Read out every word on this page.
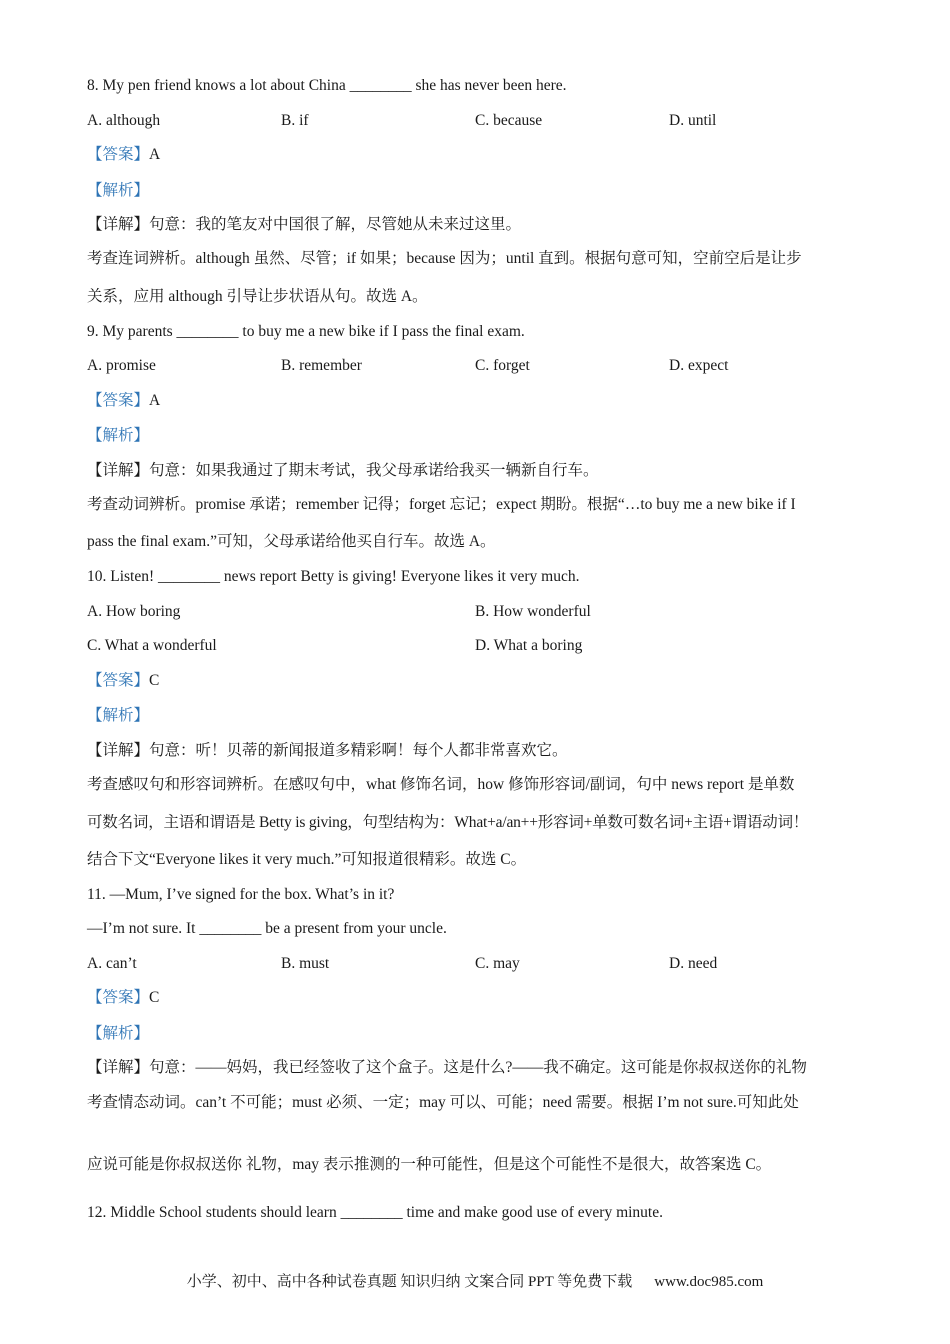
8. My pen friend knows a lot about China ________ she has never been here.
A. although	B. if	C. because	D. until
【答案】A
【解析】
【详解】句意：我的笔友对中国很了解，尽管她从未来过这里。
考查连词辨析。although 虽然、尽管；if 如果；because 因为；until 直到。根据句意可知，空前空后是让步
关系，应用 although 引导让步状语从句。故选 A。
9. My parents ________ to buy me a new bike if I pass the final exam.
A. promise	B. remember	C. forget	D. expect
【答案】A
【解析】
【详解】句意：如果我通过了期末考试，我父母承诺给我买一辆新自行车。
考查动词辨析。promise 承诺；remember 记得；forget 忘记；expect 期盼。根据“…to buy me a new bike if I
pass the final exam.”可知，父母承诺给他买自行车。故选 A。
10. Listen! ________ news report Betty is giving! Everyone likes it very much.
A. How boring	B. How wonderful
C. What a wonderful	D. What a boring
【答案】C
【解析】
【详解】句意：听！贝蒂的新闻报道多精彩啊！每个人都非常喜欢它。
考查感叹句和形容词辨析。在感叹句中，what 修饰名词，how 修饰形容词/副词，句中 news report 是单数
可数名词，主语和谓语是 Betty is giving，句型结构为：What+a/an++形容词+单数可数名词+主语+谓语动词！
结合下文“Everyone likes it very much.”可知报道很精彩。故选 C。
11. —Mum, I’ve signed for the box. What’s in it?
—I’m not sure. It ________ be a present from your uncle.
A. can’t	B. must	C. may	D. need
【答案】C
【解析】
【详解】句意：——妈妈，我已经签收了这个盒子。这是什么?——我不确定。这可能是你叔叔送你的礼物
考查情态动词。can’t 不可能；must 必须、一定；may 可以、可能；need 需要。根据 I’m not sure.可知此处
应说可能是你叔叔送你 礼物，may 表示推测的一种可能性，但是这个可能性不是很大，故答案选 C。
12. Middle School students should learn ________ time and make good use of every minute.
小学、初中、高中各种试卷真题 知识归纳 文案合同 PPT 等免费下载 www.doc985.com
